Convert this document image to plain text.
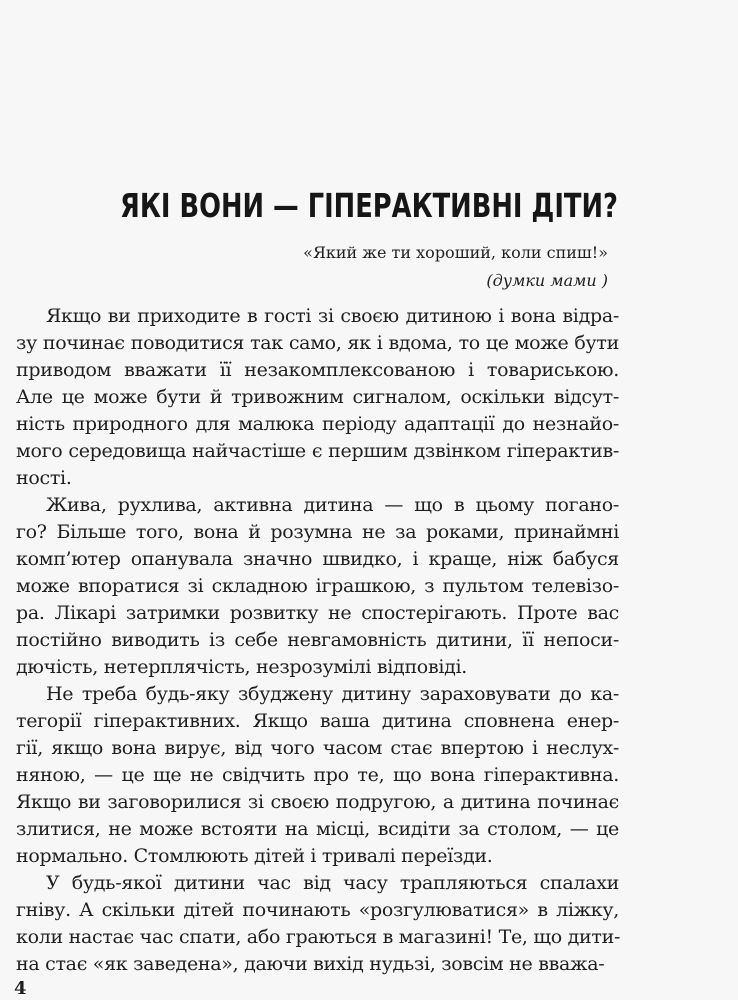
ЯКІ ВОНИ — ГІПЕРАКТИВНІ ДІТИ?
«Який же ти хороший, коли спиш!»
(думки мами )
Якщо ви приходите в гості зі своєю дитиною і вона відра-
зу починає поводитися так само, як і вдома, то це може бути
приводом вважати її незакомплексованою і товариською.
Але це може бути й тривожним сигналом, оскільки відсут-
ність природного для малюка періоду адаптації до незнайо-
мого середовища найчастіше є першим дзвінком гіперактив-
ності.
Жива, рухлива, активна дитина — що в цьому погано-
го? Більше того, вона й розумна не за роками, принаймні
комп’ютер опанувала значно швидко, і краще, ніж бабуся
може впоратися зі складною іграшкою, з пультом телевізо-
ра. Лікарі затримки розвитку не спостерігають. Проте вас
постійно виводить із себе невгамовність дитини, її непоси-
дючість, нетерплячість, незрозумілі відповіді.
Не треба будь-яку збуджену дитину зараховувати до ка-
тегорії гіперактивних. Якщо ваша дитина сповнена енер-
гії, якщо вона вирує, від чого часом стає впертою і неслух-
няною, — це ще не свідчить про те, що вона гіперактивна.
Якщо ви заговорилися зі своєю подругою, а дитина починає
злитися, не може встояти на місці, всидіти за столом, — це
нормально. Стомлюють дітей і тривалі переїзди.
У будь-якої дитини час від часу трапляються спалахи
гніву. А скільки дітей починають «розгулюватися» в ліжку,
коли настає час спати, або граються в магазині! Те, що дити-
на стає «як заведена», даючи вихід нудьзі, зовсім не вважа-
4
